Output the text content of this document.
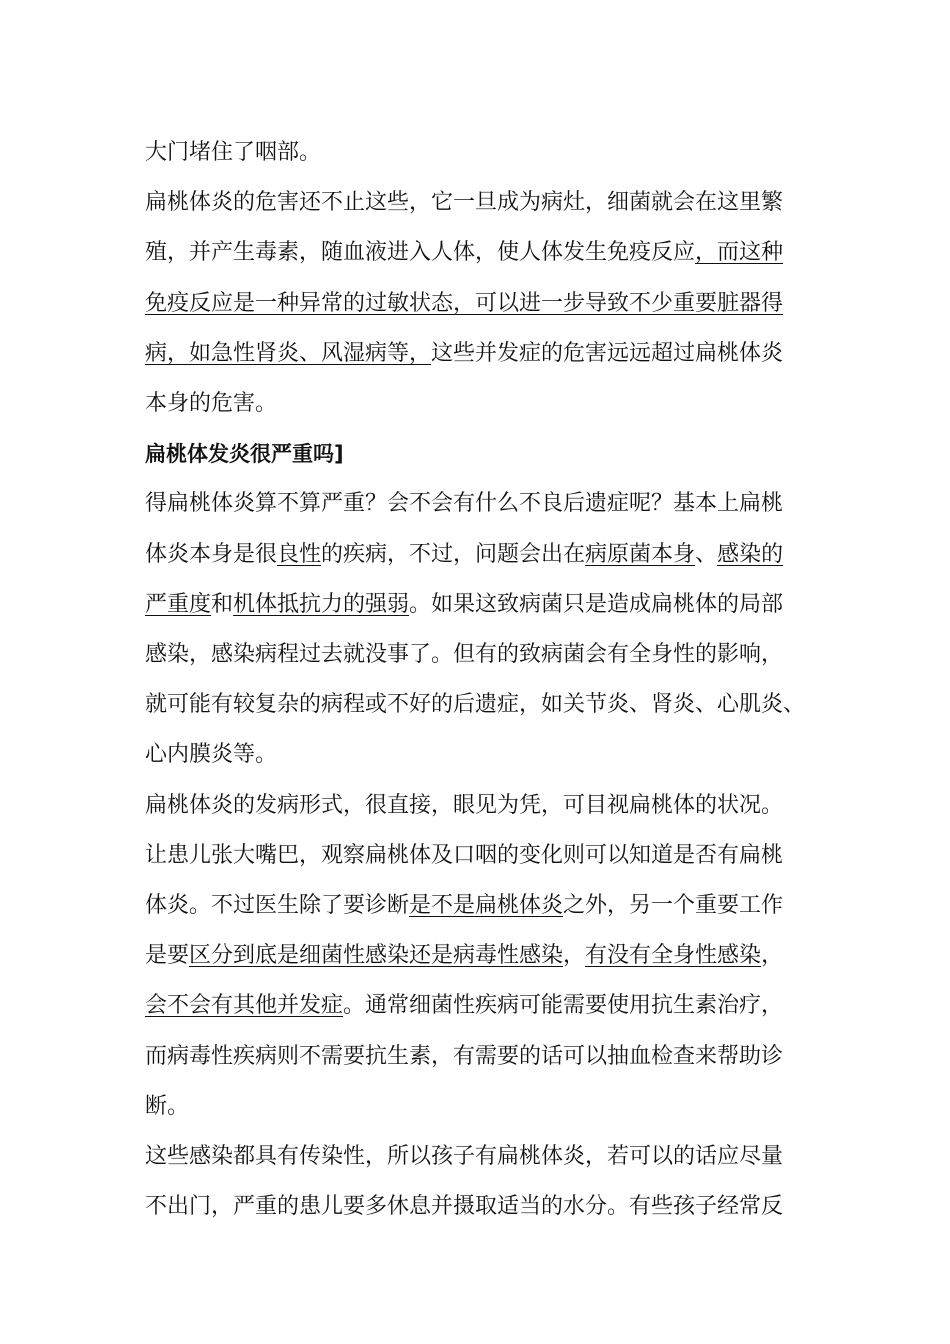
大门堵住了咽部。

扁桃体炎的危害还不止这些，它一旦成为病灶，细菌就会在这里繁
殖，并产生毒素，随血液进入人体，使人体发生免疫反应，而这种
免疫反应是一种异常的过敏状态，可以进一步导致不少重要脏器得
病，如急性肾炎、风湿病等，这些并发症的危害远远超过扁桃体炎
本身的危害。

扁桃体发炎很严重吗]

得扁桃体炎算不算严重？会不会有什么不良后遗症呢？基本上扁桃
体炎本身是很良性的疾病，不过，问题会出在病原菌本身、感染的
严重度和机体抵抗力的强弱。如果这致病菌只是造成扁桃体的局部
感染，感染病程过去就没事了。但有的致病菌会有全身性的影响，
就可能有较复杂的病程或不好的后遗症，如关节炎、肾炎、心肌炎、
心内膜炎等。

扁桃体炎的发病形式，很直接，眼见为凭，可目视扁桃体的状况。
让患儿张大嘴巴，观察扁桃体及口咽的变化则可以知道是否有扁桃
体炎。不过医生除了要诊断是不是扁桃体炎之外，另一个重要工作
是要区分到底是细菌性感染还是病毒性感染，有没有全身性感染，
会不会有其他并发症。通常细菌性疾病可能需要使用抗生素治疗，
而病毒性疾病则不需要抗生素，有需要的话可以抽血检查来帮助诊
断。

这些感染都具有传染性，所以孩子有扁桃体炎，若可以的话应尽量
不出门，严重的患儿要多休息并摄取适当的水分。有些孩子经常反
